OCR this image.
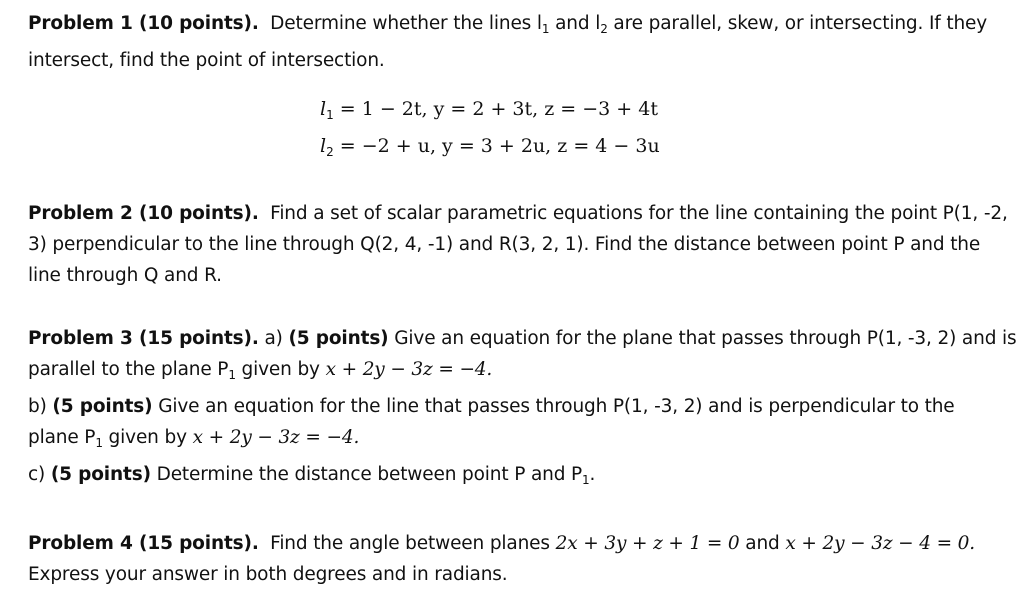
Problem 1 (10 points). Determine whether the lines $l_1$ and $l_2$ are parallel, skew, or intersecting. If they
intersect, find the point of intersection.
$l_1 = 1 - 2t$, y = 2 + 3t, z = −3 + 4t
$l_2 = -2 + u$, y = 3 + 2u, z = 4 − 3u
Problem 2 (10 points). Find a set of scalar parametric equations for the line containing the point P(1, -2,
3) perpendicular to the line through Q(2, 4, -1) and R(3, 2, 1). Find the distance between point P and the
line through Q and R.
Problem 3 (15 points). a) (5 points) Give an equation for the plane that passes through P(1, -3, 2) and is
parallel to the plane $P_1$ given by x + 2y − 3z = −4.
b) (5 points) Give an equation for the line that passes through P(1, -3, 2) and is perpendicular to the
plane $P_1$ given by x + 2y − 3z = −4.
c) (5 points) Determine the distance between point P and $P_1$.
Problem 4 (15 points). Find the angle between planes 2x + 3y + z + 1 = 0 and x + 2y − 3z − 4 = 0.
Express your answer in both degrees and in radians.
